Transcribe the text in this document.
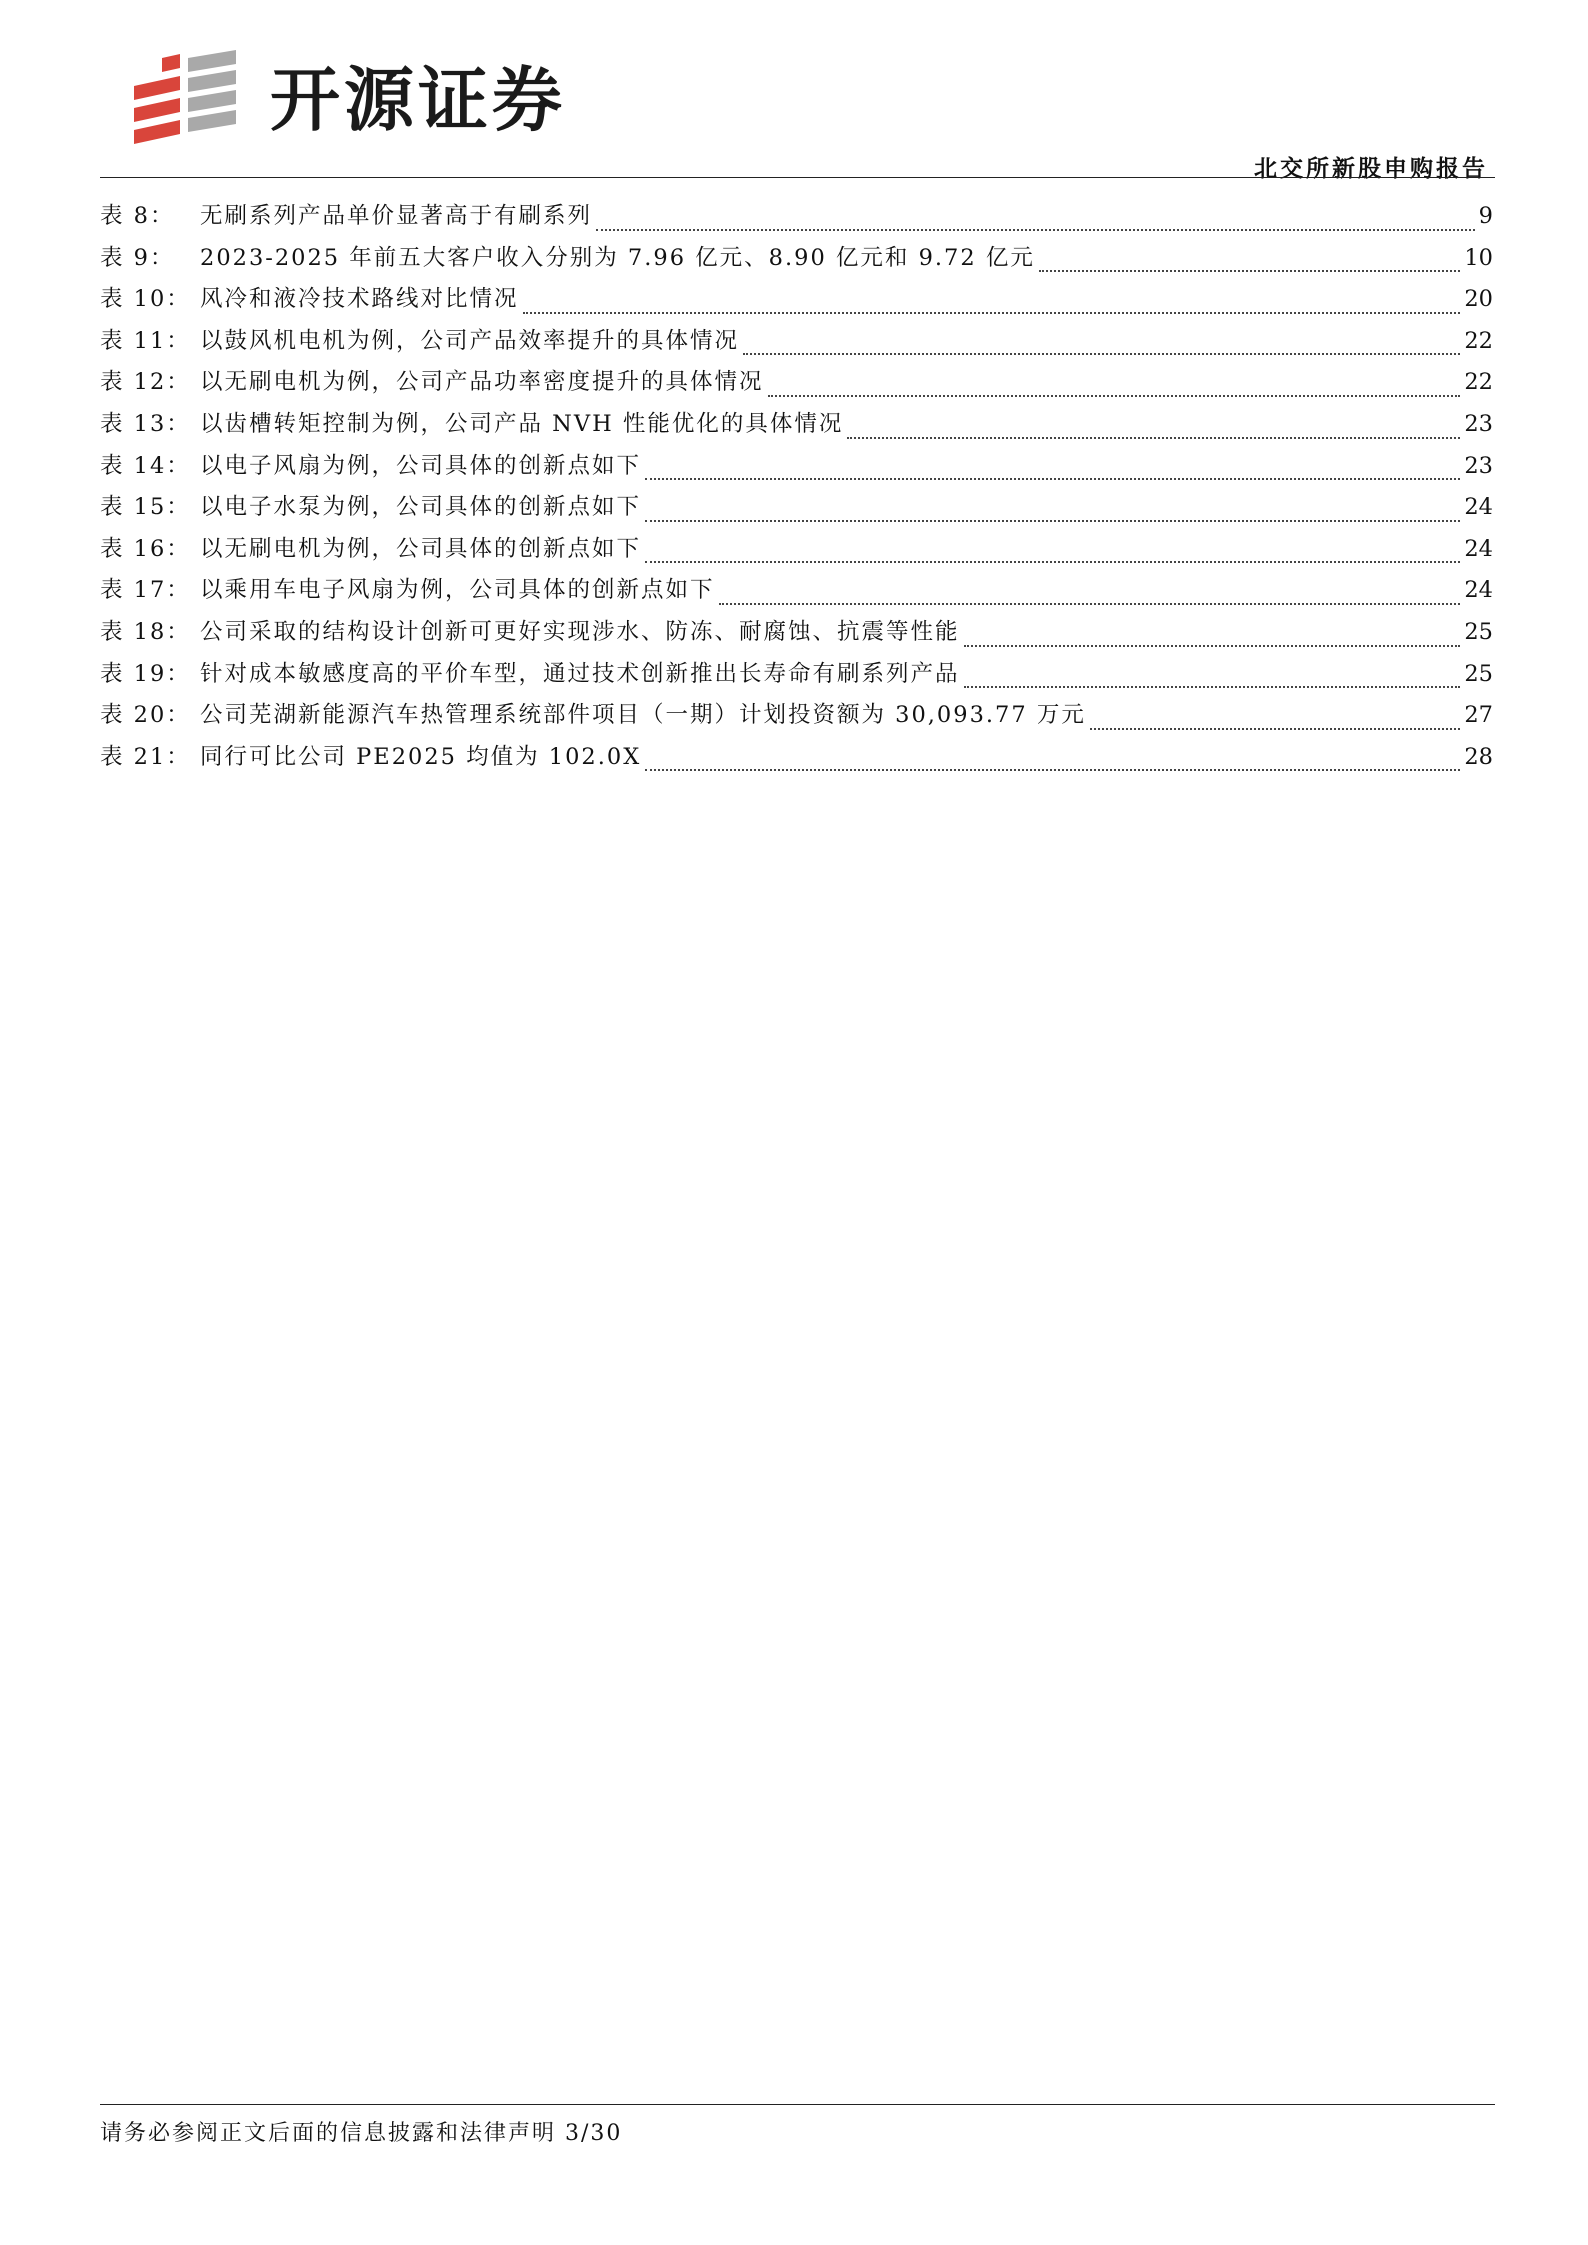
开源证券
北交所新股申购报告
表 8：	无刷系列产品单价显著高于有刷系列	9
表 9：	2023-2025 年前五大客户收入分别为 7.96 亿元、8.90 亿元和 9.72 亿元	10
表 10： 风冷和液冷技术路线对比情况	20
表 11： 以鼓风机电机为例，公司产品效率提升的具体情况	22
表 12： 以无刷电机为例，公司产品功率密度提升的具体情况	22
表 13： 以齿槽转矩控制为例，公司产品 NVH 性能优化的具体情况	23
表 14： 以电子风扇为例，公司具体的创新点如下	23
表 15： 以电子水泵为例，公司具体的创新点如下	24
表 16： 以无刷电机为例，公司具体的创新点如下	24
表 17： 以乘用车电子风扇为例，公司具体的创新点如下	24
表 18： 公司采取的结构设计创新可更好实现涉水、防冻、耐腐蚀、抗震等性能	25
表 19： 针对成本敏感度高的平价车型，通过技术创新推出长寿命有刷系列产品	25
表 20： 公司芜湖新能源汽车热管理系统部件项目（一期）计划投资额为 30,093.77 万元	27
表 21： 同行可比公司 PE2025 均值为 102.0X	28
请务必参阅正文后面的信息披露和法律声明 3/30
